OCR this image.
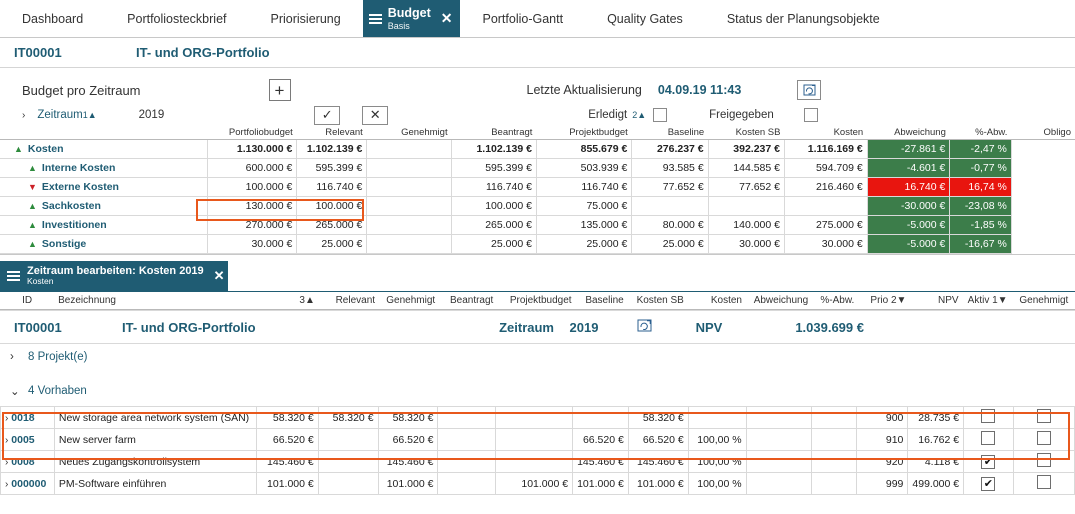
Dashboard	Portfoliosteckbrief	Priorisierung	Budget
Basis	✕ Portfolio-Gantt	Quality Gates	Status der Planungsobjekte
IT00001	IT- und ORG-Portfolio
Budget pro Zeitraum	+	Letzte Aktualisierung 04.09.19 11:43
› Zeitraum 1▲	2019	✓	✕	Erledigt 2▲	Freigegeben
	Portfoliobudget	Relevant	Genehmigt	Beantragt	Projektbudget	Baseline	Kosten SB	Kosten	Abweichung	%-Abw.	Obligo
▲ Kosten	1.130.000 €	1.102.139 €		1.102.139 €	855.679 €	276.237 €	392.237 €	1.116.169 €	-27.861 €	-2,47 %	
▲ Interne Kosten	600.000 €	595.399 €		595.399 €	503.939 €	93.585 €	144.585 €	594.709 €	-4.601 €	-0,77 %	
▼ Externe Kosten	100.000 €	116.740 €		116.740 €	116.740 €	77.652 €	77.652 €	216.460 €	16.740 €	16,74 %	
▲ Sachkosten	130.000 €	100.000 €		100.000 €	75.000 €				-30.000 €	-23,08 %	
▲ Investitionen	270.000 €	265.000 €		265.000 €	135.000 €	80.000 €	140.000 €	275.000 €	-5.000 €	-1,85 %	
▲ Sonstige	30.000 €	25.000 €		25.000 €	25.000 €	25.000 €	30.000 €	30.000 €	-5.000 €	-16,67 %	
Zeitraum bearbeiten: Kosten 2019
Kosten	✕
ID	Bezeichnung	3▲	Relevant	Genehmigt	Beantragt	Projektbudget	Baseline	Kosten SB	Kosten	Abweichung	%-Abw.	Prio 2▼	NPV	Aktiv 1▼	Genehmigt
IT00001	IT- und ORG-Portfolio	Zeitraum	2019	NPV	1.039.699 €
›	8 Projekt(e)
⌄ 4 Vorhaben
› 0018	New storage area network system (SAN)	58.320 €	58.320 €	58.320 €				58.320 €				900	28.735 €		
› 0005	New server farm	66.520 €		66.520 €			66.520 €	66.520 €	100,00 %			910	16.762 €		
› 0008	Neues Zugangskontrollsystem	145.460 €		145.460 €			145.460 €	145.460 €	100,00 %			920	4.118 €	✔	
› 000000	PM-Software einführen	101.000 €		101.000 €		101.000 €	101.000 €	101.000 €	100,00 %			999	499.000 €	✔	
